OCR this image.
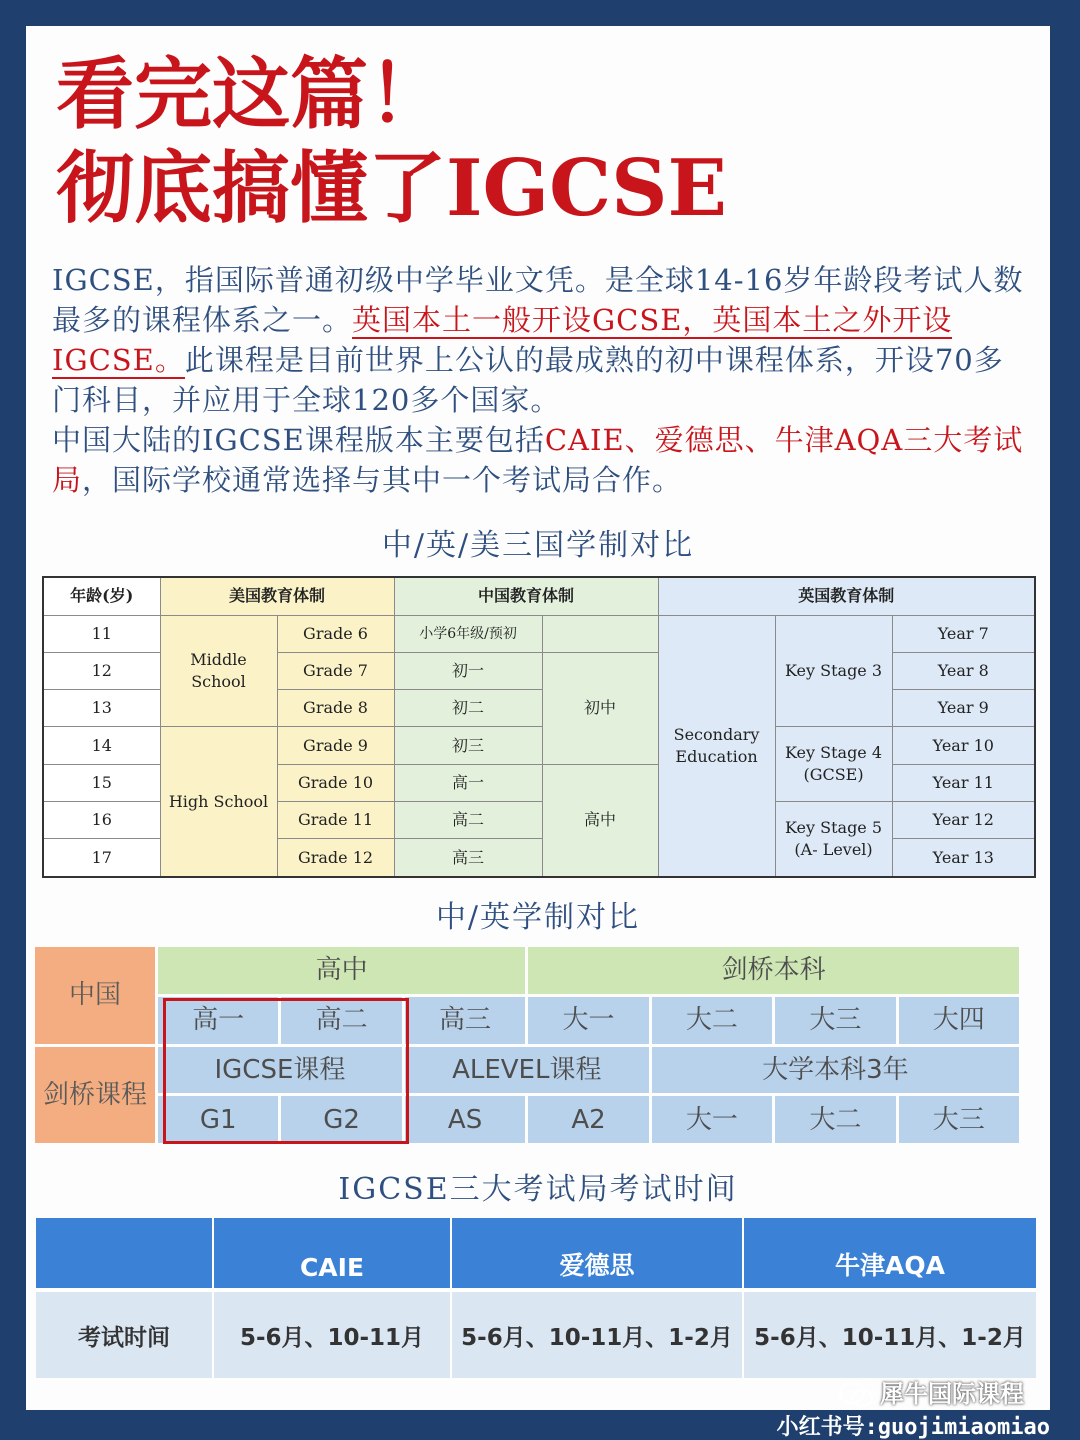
看完这篇！
彻底搞懂了IGCSE
IGCSE，指国际普通初级中学毕业文凭。是全球14-16岁年龄段考试人数最多的课程体系之一。英国本土一般开设GCSE，英国本土之外开设IGCSE。此课程是目前世界上公认的最成熟的初中课程体系，开设70多门科目，并应用于全球120多个国家。
中国大陆的IGCSE课程版本主要包括CAIE、爱德思、牛津AQA三大考试局，国际学校通常选择与其中一个考试局合作。
中/英/美三国学制对比
年龄(岁)	美国教育体制		中国教育体制		英国教育体制		
11	Middle School	Grade 6	小学6年级/预初		Secondary Education	Key Stage 3	Year 7
12		Grade 7	初一	初中			Year 8
13		Grade 8	初二				Year 9
14	High School	Grade 9	初三			Key Stage 4 (GCSE)	Year 10
15		Grade 10	高一	高中			Year 11
16		Grade 11	高二			Key Stage 5 (A- Level)	Year 12
17		Grade 12	高三				Year 13
中/英学制对比
中国	高中			剑桥本科			
	高一	高二	高三	大一	大二	大三	大四
剑桥课程	IGCSE课程		ALEVEL课程		大学本科3年		
	G1	G2	AS	A2	大一	大二	大三
IGCSE三大考试局考试时间
	CAIE	爱德思	牛津AQA
考试时间	5-6月、10-11月	5-6月、10-11月、1-2月	5-6月、10-11月、1-2月
犀牛国际课程
小红书号:guojimiaomiao
